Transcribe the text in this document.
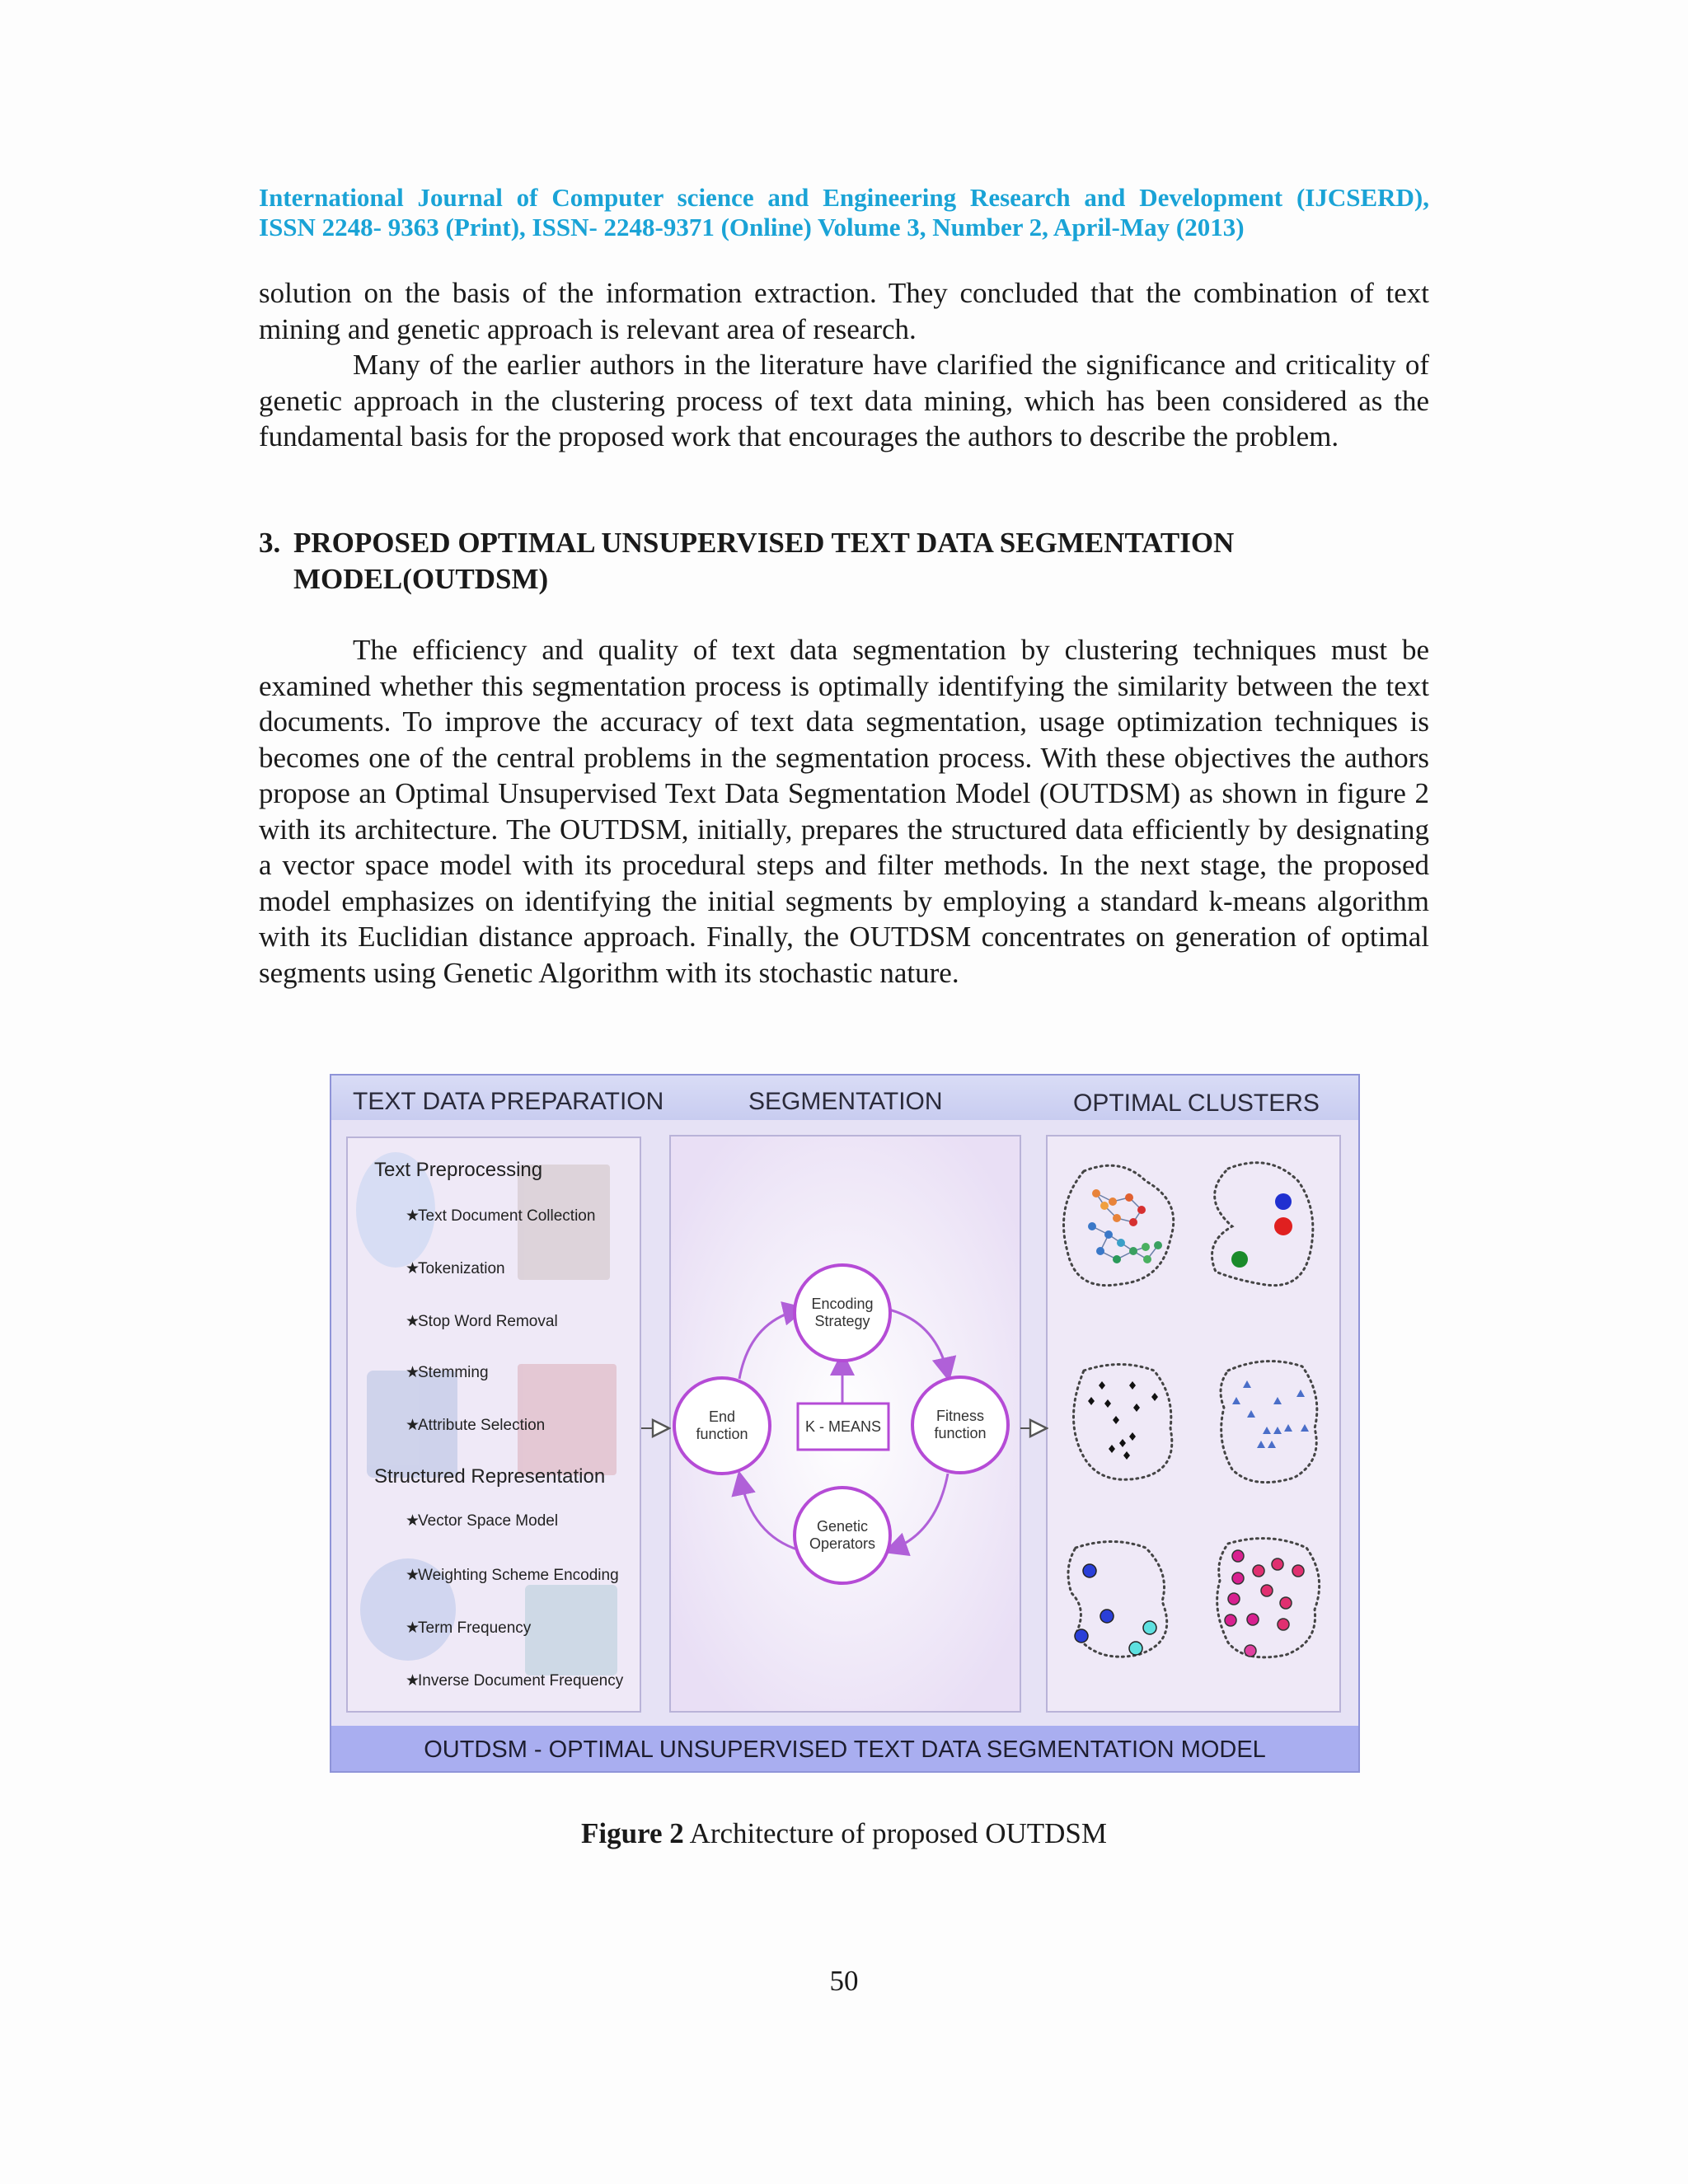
International Journal of Computer science and Engineering Research and Development (IJCSERD),
ISSN 2248- 9363 (Print), ISSN- 2248-9371 (Online) Volume 3, Number 2, April-May (2013)

solution on the basis of the information extraction. They concluded that the combination of text mining and genetic approach is relevant area of research.

Many of the earlier authors in the literature have clarified the significance and criticality of genetic approach in the clustering process of text data mining, which has been considered as the fundamental basis for the proposed work that encourages the authors to describe the problem.

3. PROPOSED OPTIMAL UNSUPERVISED TEXT DATA SEGMENTATION
MODEL(OUTDSM)

The efficiency and quality of text data segmentation by clustering techniques must be examined whether this segmentation process is optimally identifying the similarity between the text documents. To improve the accuracy of text data segmentation, usage optimization techniques is becomes one of the central problems in the segmentation process. With these objectives the authors propose an Optimal Unsupervised Text Data Segmentation Model (OUTDSM) as shown in figure 2 with its architecture. The OUTDSM, initially, prepares the structured data efficiently by designating a vector space model with its procedural steps and filter methods. In the next stage, the proposed model emphasizes on identifying the initial segments by employing a standard k-means algorithm with its Euclidian distance approach. Finally, the OUTDSM concentrates on generation of optimal segments using Genetic Algorithm with its stochastic nature.

TEXT DATA PREPARATION	SEGMENTATION	OPTIMAL CLUSTERS
Text Preprocessing
★
Text Document Collection
★
Tokenization
★
Stop Word Removal
★
Stemming
★
Attribute Selection
Structured Representation
★
Vector Space Model
★
Weighting Scheme Encoding
★
Term Frequency
★
Inverse Document Frequency
Encoding
Strategy
Fitness
function
Genetic
Operators
End
function	K - MEANS
OUTDSM - OPTIMAL UNSUPERVISED TEXT DATA SEGMENTATION MODEL
Figure 2 Architecture of proposed OUTDSM
50
